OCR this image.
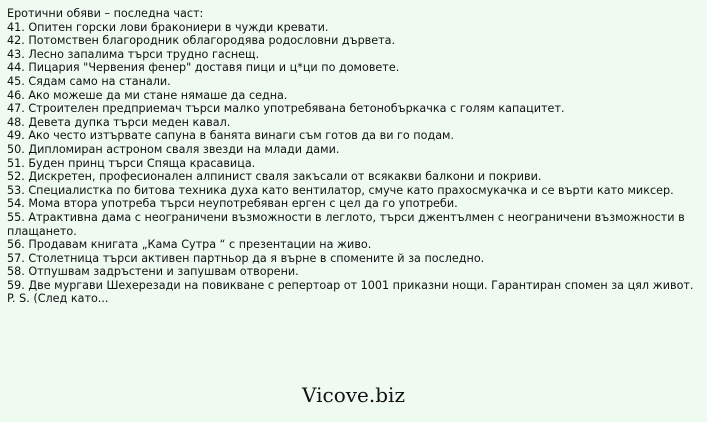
Еротични обяви – последна част:
41. Опитен горски лови бракониери в чужди кревати.
42. Потомствен благородник облагородява родословни дървета.
43. Лесно запалима търси трудно гаснещ.
44. Пицария "Червения фенер" доставя пици и ц*ци по домовете.
45. Сядам само на станали.
46. Ако можеше да ми стане нямаше да седна.
47. Строителен предприемач търси малко употребявана бетонобъркачка с голям капацитет.
48. Девета дупка търси меден кавал.
49. Ако често изтървате сапуна в банята винаги съм готов да ви го подам.
50. Дипломиран астроном сваля звезди на млади дами.
51. Буден принц търси Спяща красавица.
52. Дискретен, професионален алпинист сваля закъсали от всякакви балкони и покриви.
53. Специалистка по битова техника духа като вентилатор, смуче като прахосмукачка и се върти като миксер.
54. Мома втора употреба търси неупотребяван ерген с цел да го употреби.
55. Атрактивна дама с неограничени възможности в леглото, търси джентълмен с неограничени възможности в плащането.
56. Продавам книгата „Кама Сутра “ с презентации на живо.
57. Столетница търси активен партньор да я върне в спомените й за последно.
58. Отпушвам задръстени и запушвам отворени.
59. Две мургави Шехерезади на повикване с репертоар от 1001 приказни нощи. Гарантиран спомен за цял живот.
P. S. (След като...
Vicove.biz
